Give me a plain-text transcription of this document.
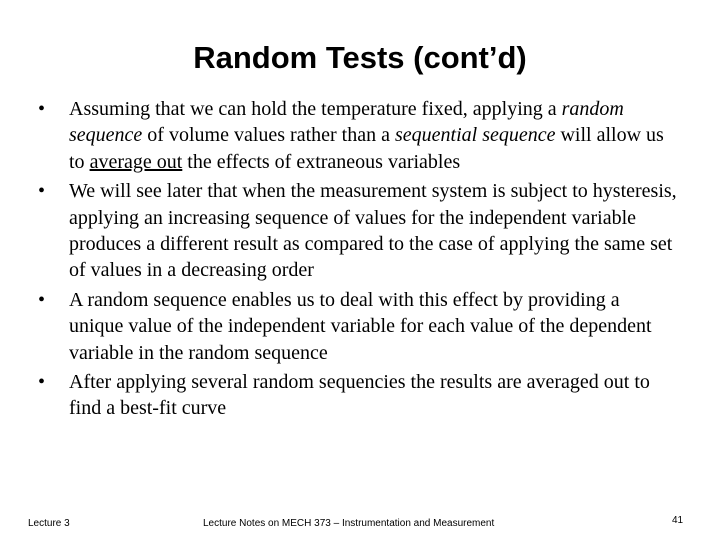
Random Tests (cont’d)
• Assuming that we can hold the temperature fixed, applying a random sequence of volume values rather than a sequential sequence will allow us to average out the effects of extraneous variables
• We will see later that when the measurement system is subject to hysteresis, applying an increasing sequence of values for the independent variable produces a different result as compared to the case of applying the same set of values in a decreasing order
• A random sequence enables us to deal with this effect by providing a unique value of the independent variable for each value of the dependent variable in the random sequence
• After applying several random sequencies the results are averaged out to find a best-fit curve
Lecture 3	Lecture Notes on MECH 373 – Instrumentation and Measurement	41
